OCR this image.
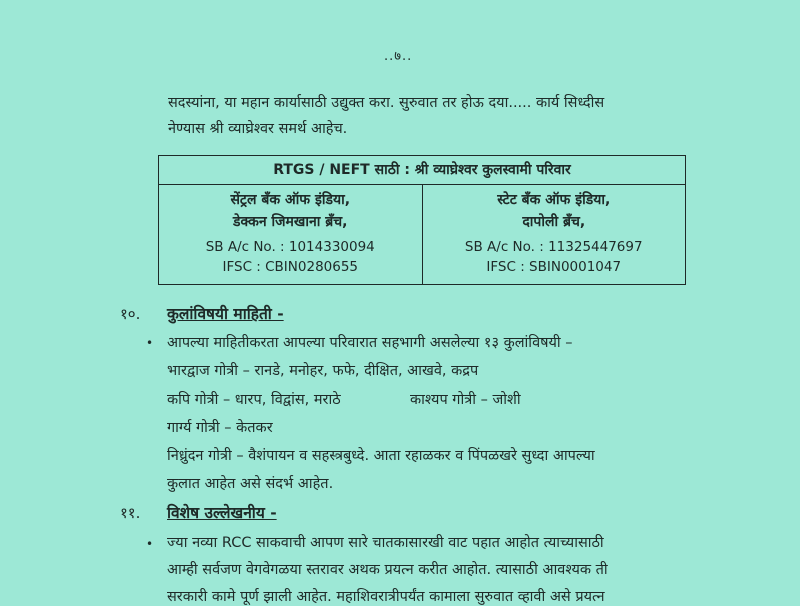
..७..
सदस्यांना, या महान कार्यासाठी उद्युक्त करा. सुरुवात तर होऊ दया..... कार्य सिध्दीस
नेण्यास श्री व्याघ्रेश्वर समर्थ आहेच.
RTGS / NEFT साठी : श्री व्याघ्रेश्वर कुलस्वामी परिवार
सेंट्रल बँक ऑफ इंडिया,
डेक्कन जिमखाना ब्रँच,
SB A/c No. : 1014330094
IFSC : CBIN0280655
स्टेट बँक ऑफ इंडिया,
दापोली ब्रँच,
SB A/c No. : 11325447697
IFSC : SBIN0001047
१०. कुलांविषयी माहिती -
• आपल्या माहितीकरता आपल्या परिवारात सहभागी असलेल्या १३ कुलांविषयी –
भारद्वाज गोत्री – रानडे, मनोहर, फफे, दीक्षित, आखवे, कद्रप
कपि गोत्री – धारप, विद्वांस, मराठे	काश्यप गोत्री – जोशी
गार्ग्य गोत्री – केतकर
निध्रुंदन गोत्री – वैशंपायन व सहस्त्रबुध्दे. आता रहाळकर व पिंपळखरे सुध्दा आपल्या
कुलात आहेत असे संदर्भ आहेत.
११. विशेष उल्लेखनीय -
• ज्या नव्या RCC साकवाची आपण सारे चातकासारखी वाट पहात आहोत त्याच्यासाठी
आम्ही सर्वजण वेगवेगळया स्तरावर अथक प्रयत्न करीत आहोत. त्यासाठी आवश्यक ती
सरकारी कामे पूर्ण झाली आहेत. महाशिवरात्रीपर्यंत कामाला सुरुवात व्हावी असे प्रयत्न
